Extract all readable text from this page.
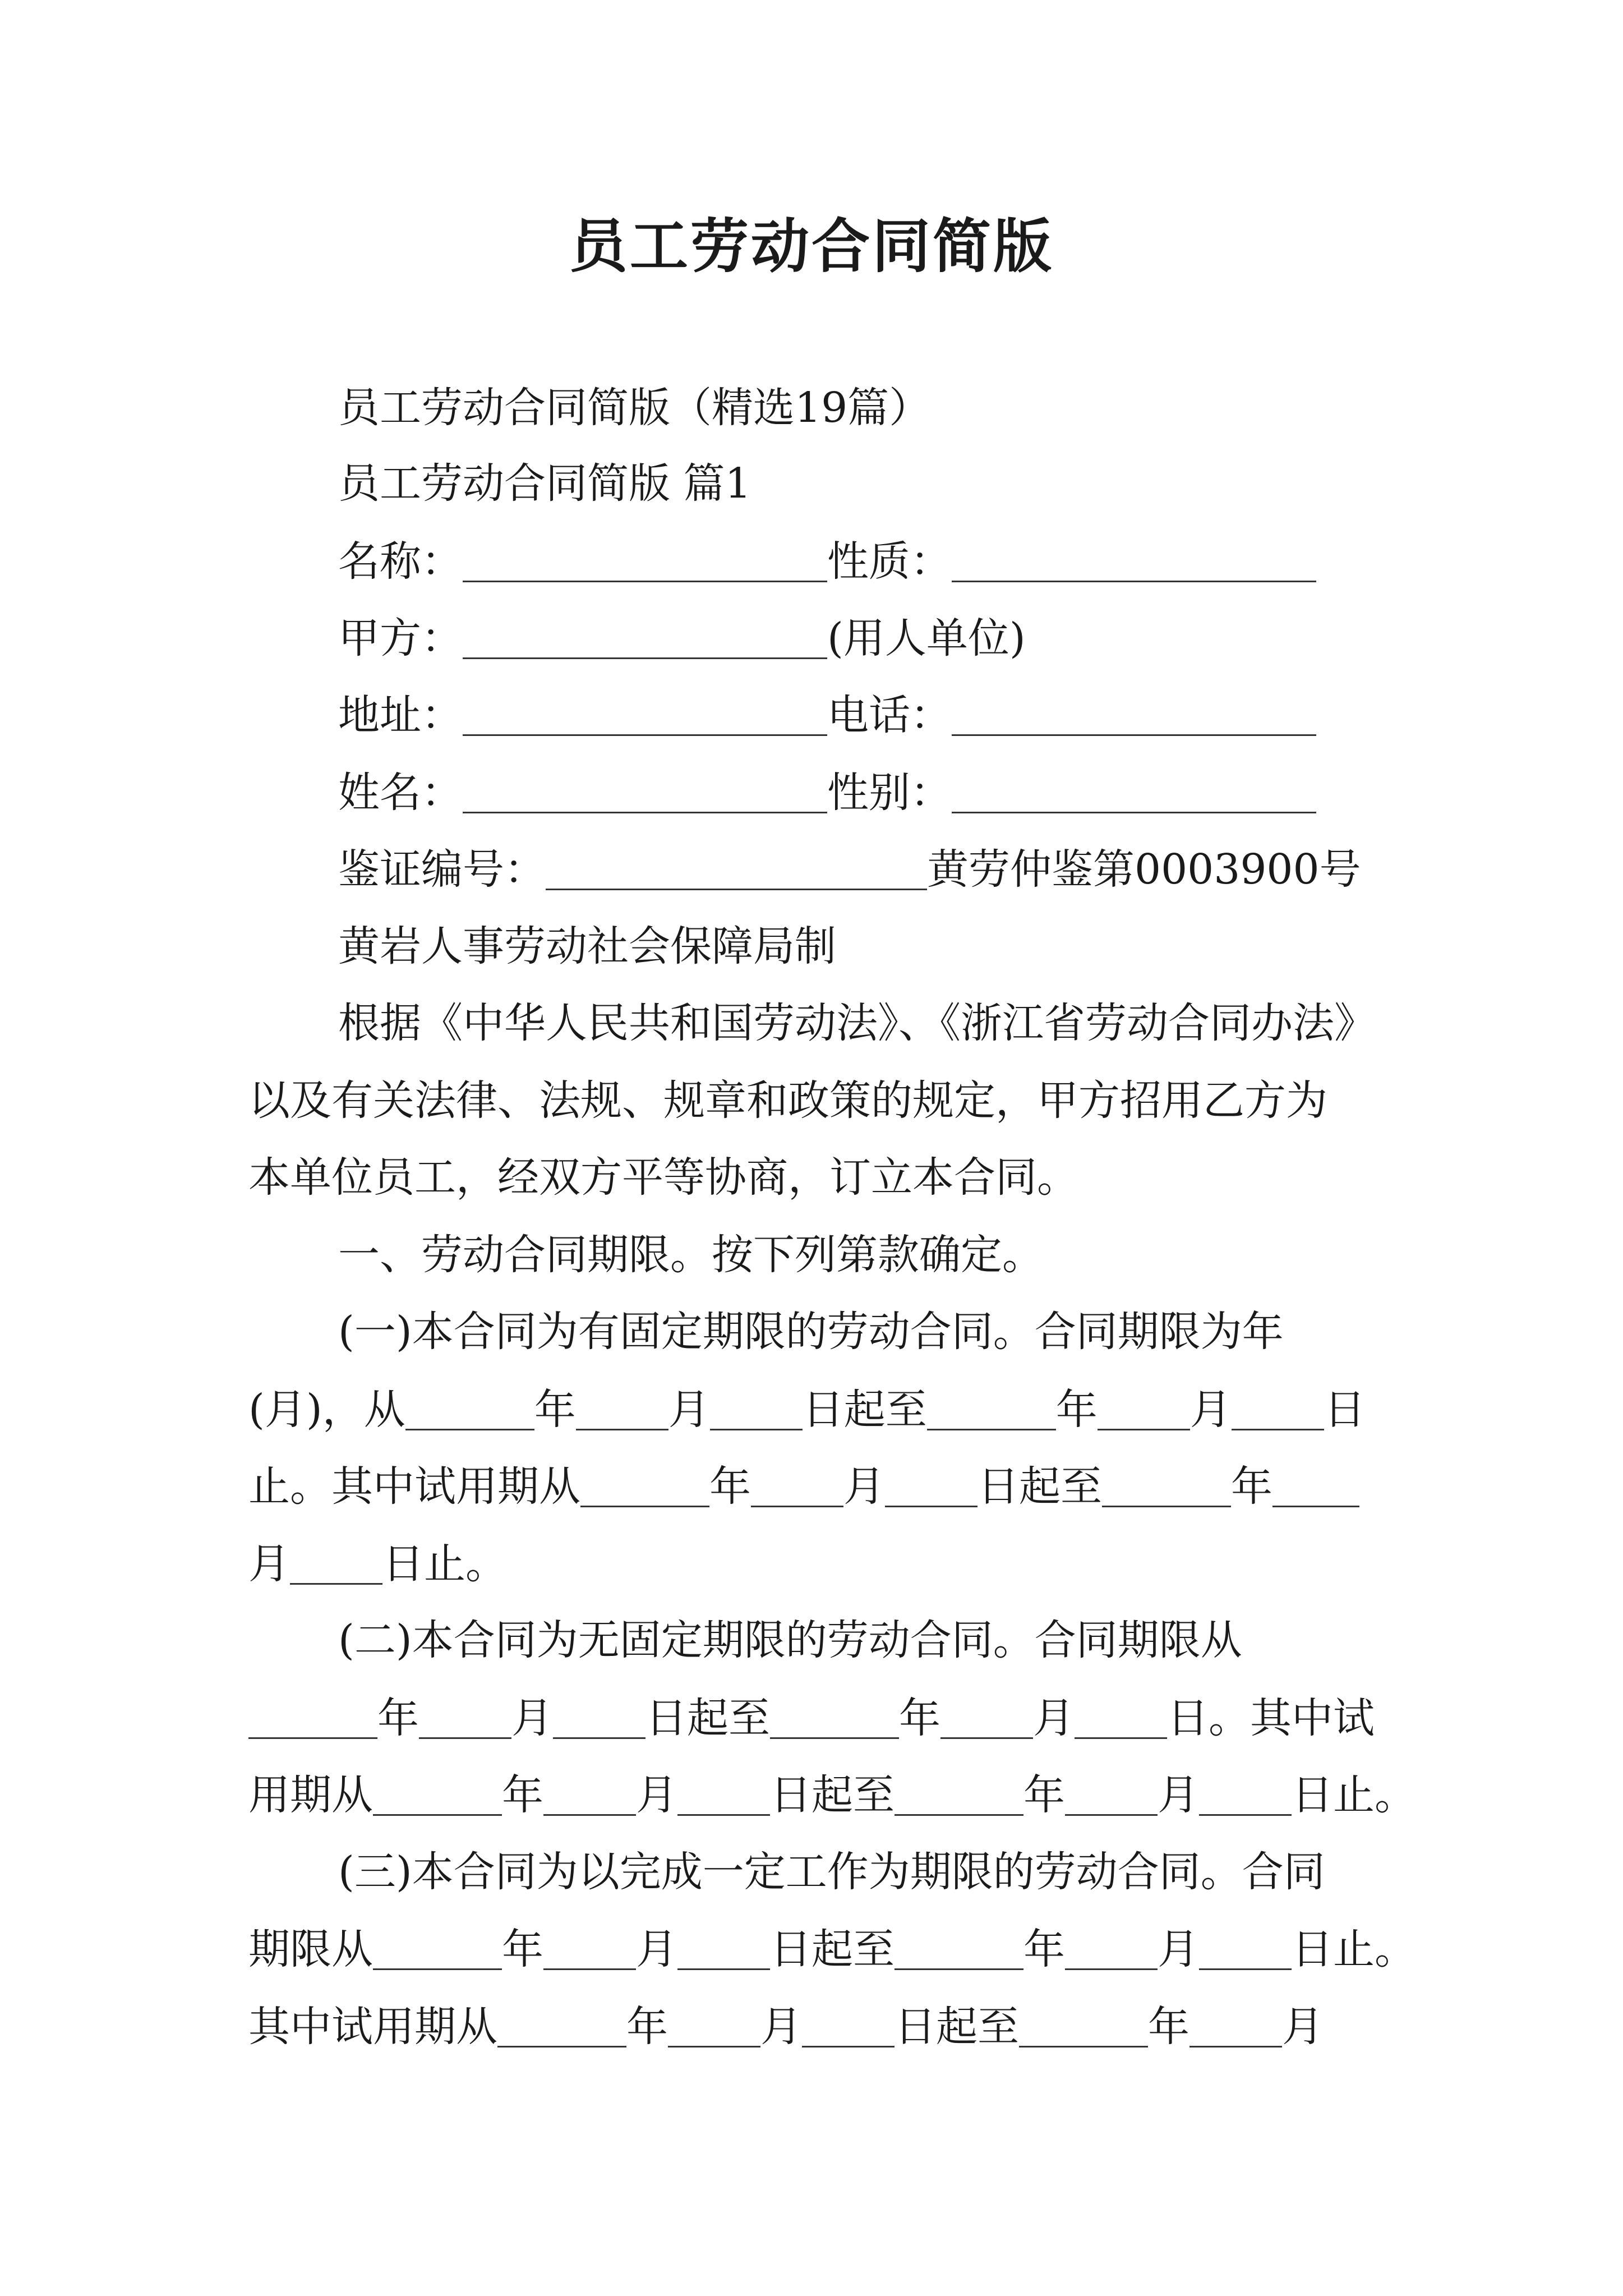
员工劳动合同简版
员工劳动合同简版（精选19篇）
员工劳动合同简版 篇1
名称：	性质：
甲方：	(用人单位)
地址：	电话：
姓名：	性别：
鉴证编号：	黄劳仲鉴第0003900号
黄岩人事劳动社会保障局制
根据《中华人民共和国劳动法》、《浙江省劳动合同办法》
以及有关法律、法规、规章和政策的规定，甲方招用乙方为
本单位员工，经双方平等协商，订立本合同。
一、劳动合同期限。按下列第款确定。
(一)本合同为有固定期限的劳动合同。合同期限为年
(月)，从	年 月 日起至	年 月 日
止。其中试用期从	年 月 日起至	年
月 日止。
(二)本合同为无固定期限的劳动合同。合同期限从
年 月 日起至	年 月 日。其中试
用期从	年 月 日起至	年 月 日止。
(三)本合同为以完成一定工作为期限的劳动合同。合同
期限从	年 月 日起至	年 月 日止。
其中试用期从	年 月 日起至	年 月
